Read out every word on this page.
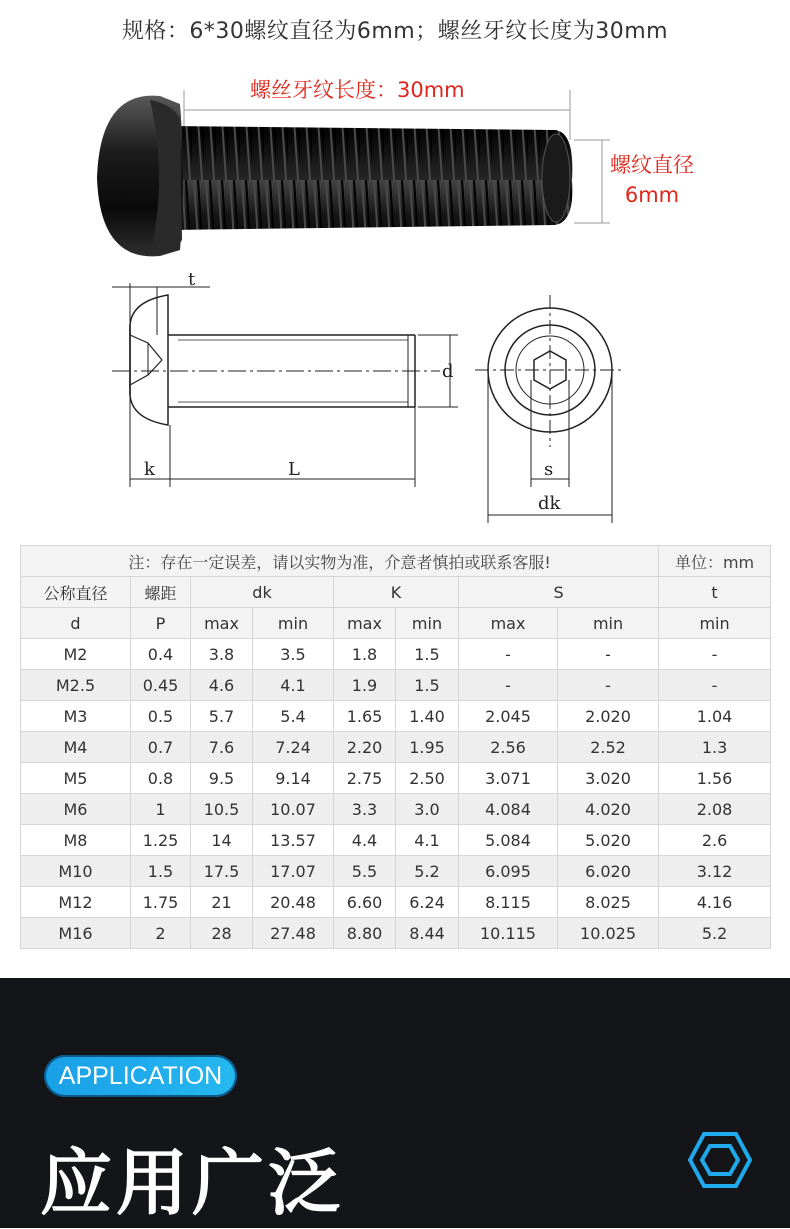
规格：6*30螺纹直径为6mm；螺丝牙纹长度为30mm
螺丝牙纹长度：30mm
螺纹直径
6mm
t
d
k	L	s
dk
注：存在一定误差，请以实物为准，介意者慎拍或联系客服!								单位：mm
公称直径	螺距	dk		K		S		t
d	P	max	min	max	min	max	min	min
M2	0.4	3.8	3.5	1.8	1.5	-	-	-
M2.5	0.45	4.6	4.1	1.9	1.5	-	-	-
M3	0.5	5.7	5.4	1.65	1.40	2.045	2.020	1.04
M4	0.7	7.6	7.24	2.20	1.95	2.56	2.52	1.3
M5	0.8	9.5	9.14	2.75	2.50	3.071	3.020	1.56
M6	1	10.5	10.07	3.3	3.0	4.084	4.020	2.08
M8	1.25	14	13.57	4.4	4.1	5.084	5.020	2.6
M10	1.5	17.5	17.07	5.5	5.2	6.095	6.020	3.12
M12	1.75	21	20.48	6.60	6.24	8.115	8.025	4.16
M16	2	28	27.48	8.80	8.44	10.115	10.025	5.2
APPLICATION
应用广泛
